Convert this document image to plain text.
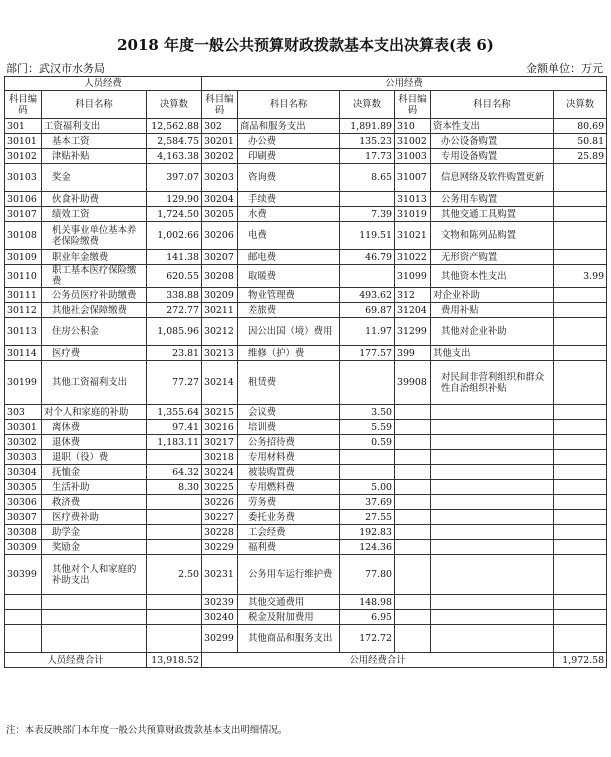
2018 年度一般公共预算财政拨款基本支出决算表(表 6)
部门：武汉市水务局	金额单位：万元
人员经费			公用经费					
科目编码	科目名称	决算数	科目编码	科目名称	决算数	科目编码	科目名称	决算数
301	工资福利支出	12,562.88	302	商品和服务支出	1,891.89	310	资本性支出	80.69
30101	基本工资	2,584.75	30201	办公费	135.23	31002	办公设备购置	50.81
30102	津贴补贴	4,163.38	30202	印刷费	17.73	31003	专用设备购置	25.89
30103	奖金	397.07	30203	咨询费	8.65	31007	信息网络及软件购置更新	
30106	伙食补助费	129.90	30204	手续费		31013	公务用车购置	
30107	绩效工资	1,724.50	30205	水费	7.39	31019	其他交通工具购置	
30108	机关事业单位基本养老保险缴费	1,002.66	30206	电费	119.51	31021	文物和陈列品购置	
30109	职业年金缴费	141.38	30207	邮电费	46.79	31022	无形资产购置	
30110	职工基本医疗保险缴费	620.55	30208	取暖费		31099	其他资本性支出	3.99
30111	公务员医疗补助缴费	338.88	30209	物业管理费	493.62	312	对企业补助	
30112	其他社会保障缴费	272.77	30211	差旅费	69.87	31204	费用补贴	
30113	住房公积金	1,085.96	30212	因公出国（境）费用	11.97	31299	其他对企业补助	
30114	医疗费	23.81	30213	维修（护）费	177.57	399	其他支出	
30199	其他工资福利支出	77.27	30214	租赁费		39908	对民间非营利组织和群众性自治组织补贴	
303	对个人和家庭的补助	1,355.64	30215	会议费	3.50			
30301	离休费	97.41	30216	培训费	5.59			
30302	退休费	1,183.11	30217	公务招待费	0.59			
30303	退职（役）费		30218	专用材料费				
30304	抚恤金	64.32	30224	被装购置费				
30305	生活补助	8.30	30225	专用燃料费	5.00			
30306	救济费		30226	劳务费	37.69			
30307	医疗费补助		30227	委托业务费	27.55			
30308	助学金		30228	工会经费	192.83			
30309	奖励金		30229	福利费	124.36			
30399	其他对个人和家庭的补助支出	2.50	30231	公务用车运行维护费	77.80			
			30239	其他交通费用	148.98			
			30240	税金及附加费用	6.95			
			30299	其他商品和服务支出	172.72			
人员经费合计		13,918.52	公用经费合计					1,972.58
注：本表反映部门本年度一般公共预算财政拨款基本支出明细情况。
